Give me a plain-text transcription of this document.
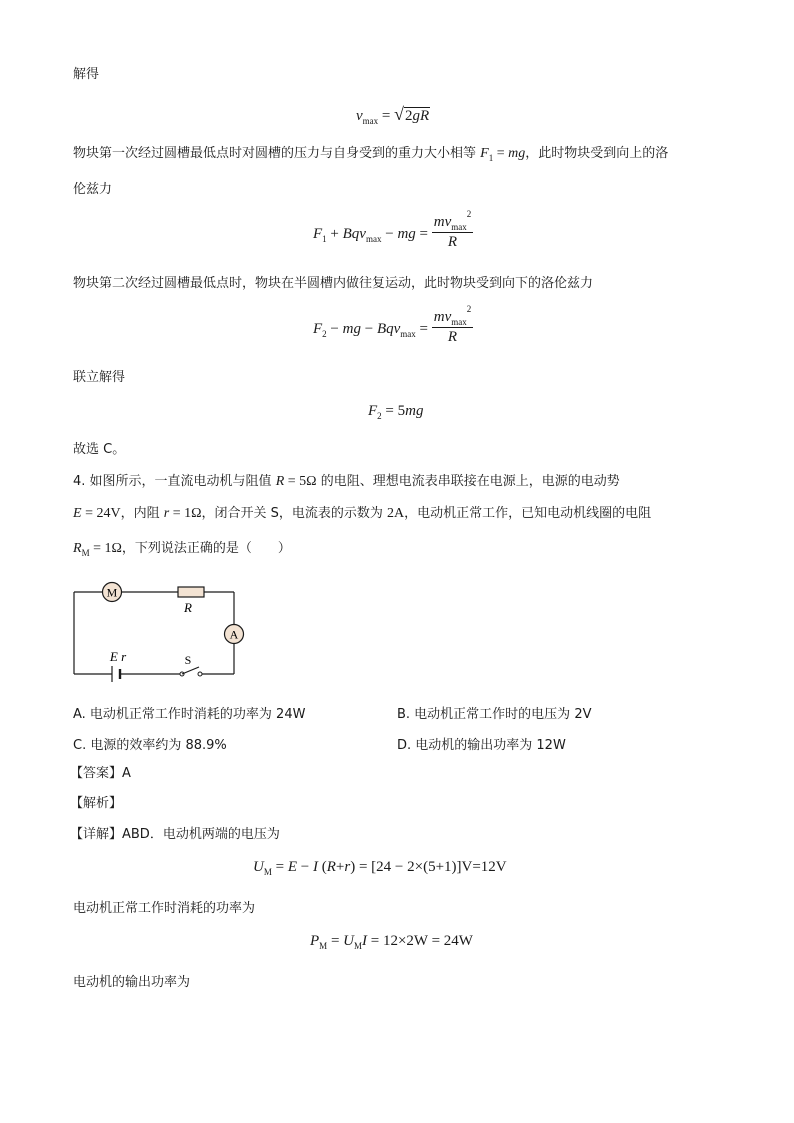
解得
$v_{max} = √2gR$
物块第一次经过圆槽最低点时对圆槽的压力与自身受到的重力大小相等 $F_1$ = mg，此时物块受到向上的洛
伦兹力
$F_1 + Bqv_{max}$ − mg = $\frac{mv_{max}^2}{R}$
物块第二次经过圆槽最低点时，物块在半圆槽内做往复运动，此时物块受到向下的洛伦兹力
$F_2$ − mg − $Bqv_{max} = \frac{mv_{max}^2}{R}$
联立解得
$F_2 = 5mg$
故选 C。
4. 如图所示，一直流电动机与阻值 R = 5Ω 的电阻、理想电流表串联接在电源上，电源的电动势
E = 24V，内阻 r = 1Ω，闭合开关 S，电流表的示数为 2A，电动机正常工作，已知电动机线圈的电阻
$R_M = 1\Omega$，下列说法正确的是（　　）
M
R
A
E r	S
A. 电动机正常工作时消耗的功率为 24W	B. 电动机正常工作时的电压为 2V
C. 电源的效率约为 88.9%	D. 电动机的输出功率为 12W
【答案】A
【解析】
【详解】ABD．电动机两端的电压为
$U_M = E - I$ (R+r) = [24 − 2×(5+1)]V=12V
电动机正常工作时消耗的功率为
$P_M = U_MI = 12\times 2W = 24W$
电动机的输出功率为
